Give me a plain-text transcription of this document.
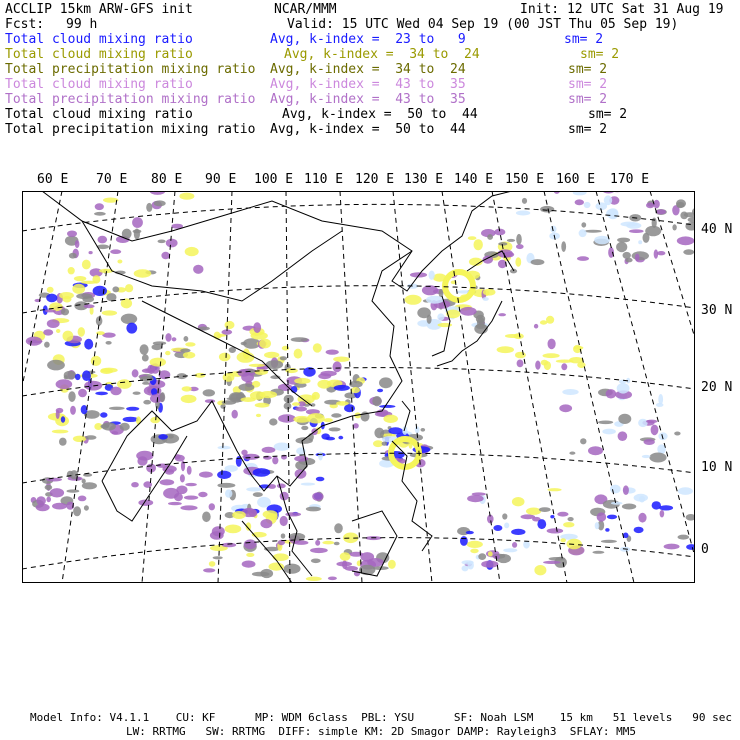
ACCLIP 15km ARW-GFS init	NCAR/MMM	Init: 12 UTC Sat 31 Aug 19
Fcst: 99 h	Valid: 15 UTC Wed 04 Sep 19 (00 JST Thu 05 Sep 19)
Total cloud mixing ratio	Avg, k-index =  23 to   9	sm= 2
Total cloud mixing ratio	Avg, k-index =  34 to  24	sm= 2
Total precipitation mixing ratio Avg, k-index =  34 to  24	sm= 2
Total cloud mixing ratio	Avg, k-index =  43 to  35	sm= 2
Total precipitation mixing ratio Avg, k-index =  43 to  35	sm= 2
Total cloud mixing ratio	Avg, k-index =  50 to  44	sm= 2
Total precipitation mixing ratio Avg, k-index =  50 to  44	sm= 2
60 E 70 E 80 E 90 E 100 E 110 E 120 E 130 E 140 E 150 E 160 E 170 E
40 N
30 N
20 N
10 N
0
Model Info: V4.1.1    CU: KF      MP: WDM 6class  PBL: YSU      SF: Noah LSM    15 km   51 levels   90 sec
LW: RRTMG   SW: RRTMG  DIFF: simple KM: 2D Smagor DAMP: Rayleigh3  SFLAY: MM5
